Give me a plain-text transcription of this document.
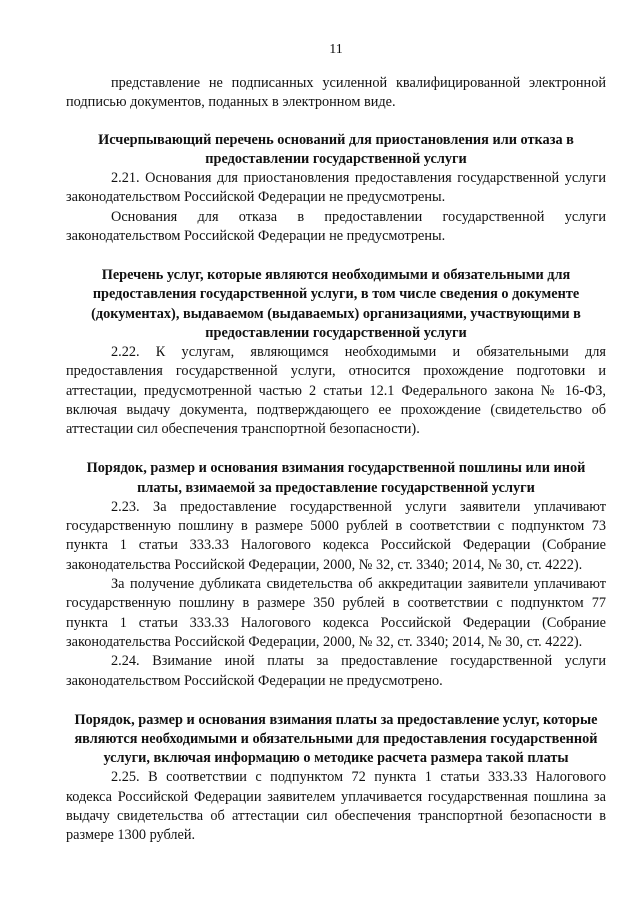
11

представление не подписанных усиленной квалифицированной электронной подписью документов, поданных в электронном виде.

Исчерпывающий перечень оснований для приостановления или отказа в предоставлении государственной услуги

2.21. Основания для приостановления предоставления государственной услуги законодательством Российской Федерации не предусмотрены.

Основания для отказа в предоставлении государственной услуги законодательством Российской Федерации не предусмотрены.

Перечень услуг, которые являются необходимыми и обязательными для предоставления государственной услуги, в том числе сведения о документе (документах), выдаваемом (выдаваемых) организациями, участвующими в предоставлении государственной услуги

2.22. К услугам, являющимся необходимыми и обязательными для предоставления государственной услуги, относится прохождение подготовки и аттестации, предусмотренной частью 2 статьи 12.1 Федерального закона № 16-ФЗ, включая выдачу документа, подтверждающего ее прохождение (свидетельство об аттестации сил обеспечения транспортной безопасности).

Порядок, размер и основания взимания государственной пошлины или иной платы, взимаемой за предоставление государственной услуги

2.23. За предоставление государственной услуги заявители уплачивают государственную пошлину в размере 5000 рублей в соответствии с подпунктом 73 пункта 1 статьи 333.33 Налогового кодекса Российской Федерации (Собрание законодательства Российской Федерации, 2000, № 32, ст. 3340; 2014, № 30, ст. 4222).

За получение дубликата свидетельства об аккредитации заявители уплачивают государственную пошлину в размере 350 рублей в соответствии с подпунктом 77 пункта 1 статьи 333.33 Налогового кодекса Российской Федерации (Собрание законодательства Российской Федерации, 2000, № 32, ст. 3340; 2014, № 30, ст. 4222).

2.24. Взимание иной платы за предоставление государственной услуги законодательством Российской Федерации не предусмотрено.

Порядок, размер и основания взимания платы за предоставление услуг, которые являются необходимыми и обязательными для предоставления государственной услуги, включая информацию о методике расчета размера такой платы

2.25. В соответствии с подпунктом 72 пункта 1 статьи 333.33 Налогового кодекса Российской Федерации заявителем уплачивается государственная пошлина за выдачу свидетельства об аттестации сил обеспечения транспортной безопасности в размере 1300 рублей.
